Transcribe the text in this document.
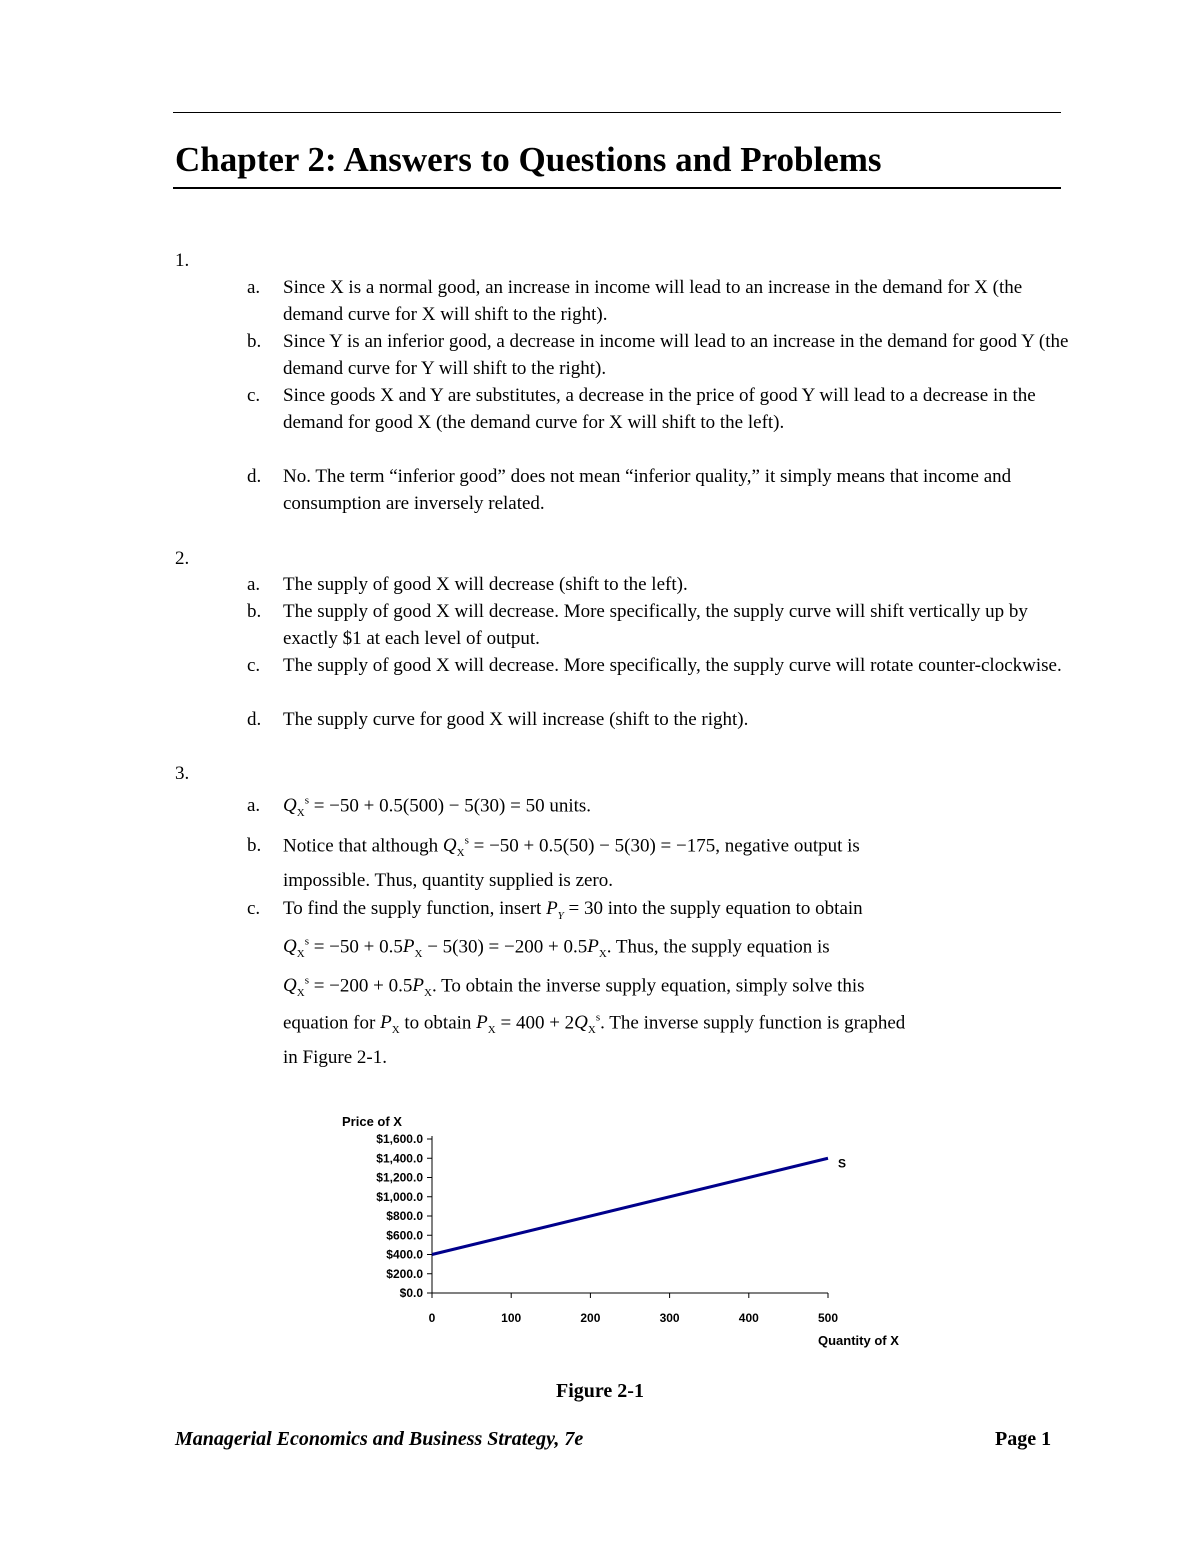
Chapter 2: Answers to Questions and Problems
1.
a. Since X is a normal good, an increase in income will lead to an increase in the demand for X (the demand curve for X will shift to the right).
b. Since Y is an inferior good, a decrease in income will lead to an increase in the demand for good Y (the demand curve for Y will shift to the right).
c. Since goods X and Y are substitutes, a decrease in the price of good Y will lead to a decrease in the demand for good X (the demand curve for X will shift to the left).
d. No. The term “inferior good” does not mean “inferior quality,” it simply means that income and consumption are inversely related.
2.
a. The supply of good X will decrease (shift to the left).
b. The supply of good X will decrease. More specifically, the supply curve will shift vertically up by exactly $1 at each level of output.
c. The supply of good X will decrease. More specifically, the supply curve will rotate counter-clockwise.
d. The supply curve for good X will increase (shift to the right).
3.
a. $Q_X^s = -50 + 0.5(500) - 5(30) = 50$ units.
b. Notice that although $Q_X^s = -50 + 0.5(50) - 5(30) = -175$, negative output is
impossible. Thus, quantity supplied is zero.
c. To find the supply function, insert $P_Y = 30$ into the supply equation to obtain
$Q_X^s = -50 + 0.5P_X - 5(30) = -200 + 0.5P_X$. Thus, the supply equation is
$Q_X^s = -200 + 0.5P_X$. To obtain the inverse supply equation, simply solve this
equation for $P_X$ to obtain $P_X = 400 + 2Q_X^s$. The inverse supply function is graphed
in Figure 2-1.
Price of X
Quantity of X
$0.0
$200.0
$400.0
$600.0
$800.0
$1,000.0
$1,200.0
$1,400.0
$1,600.0
0	100	200	300	400	500
S
Figure 2-1
Managerial Economics and Business Strategy, 7e	Page 1
